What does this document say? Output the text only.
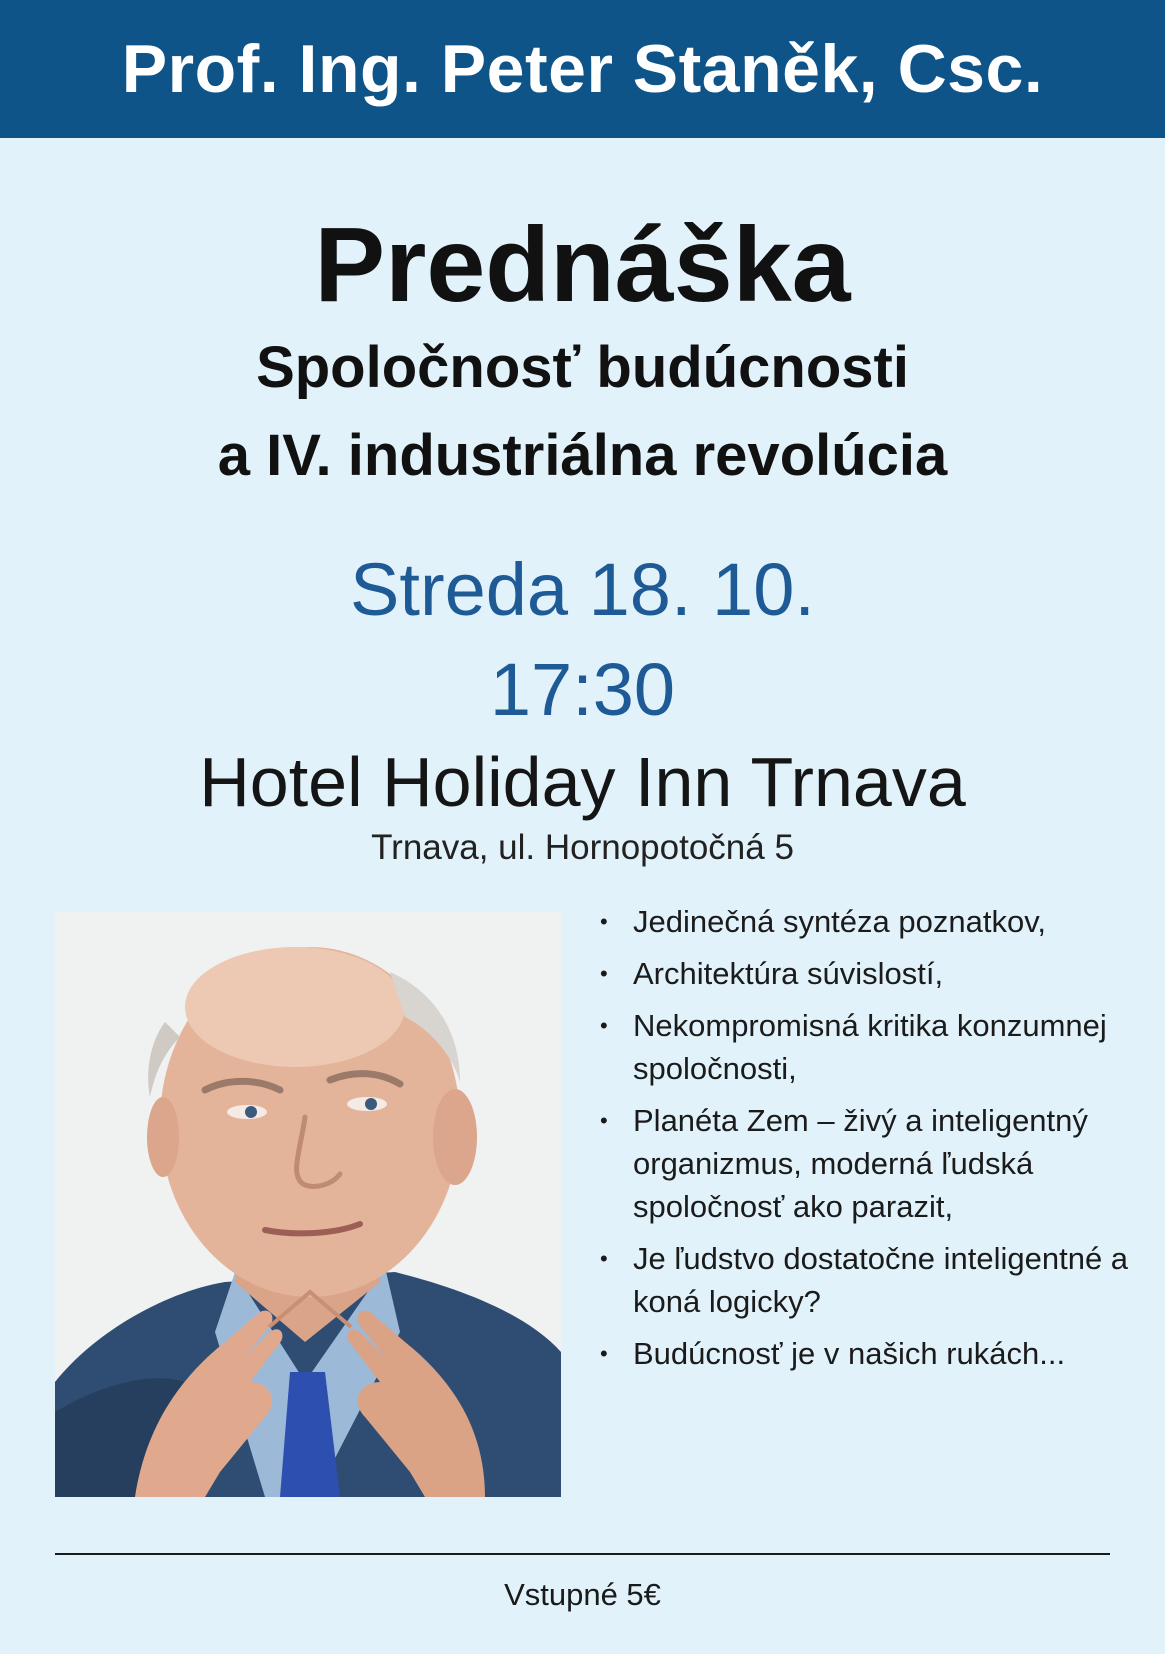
Prof. Ing. Peter Staněk, Csc.
Prednáška
Spoločnosť budúcnosti
a IV. industriálna revolúcia
Streda 18. 10.
17:30
Hotel Holiday Inn Trnava
Trnava, ul. Hornopotočná 5
• Jedinečná syntéza poznatkov,
• Architektúra súvislostí,
• Nekompromisná kritika konzumnej spoločnosti,
• Planéta Zem – živý a inteligentný organizmus, moderná ľudská spoločnosť ako parazit,
• Je ľudstvo dostatočne inteligentné a koná logicky?
• Budúcnosť je v našich rukách...
Vstupné 5€
